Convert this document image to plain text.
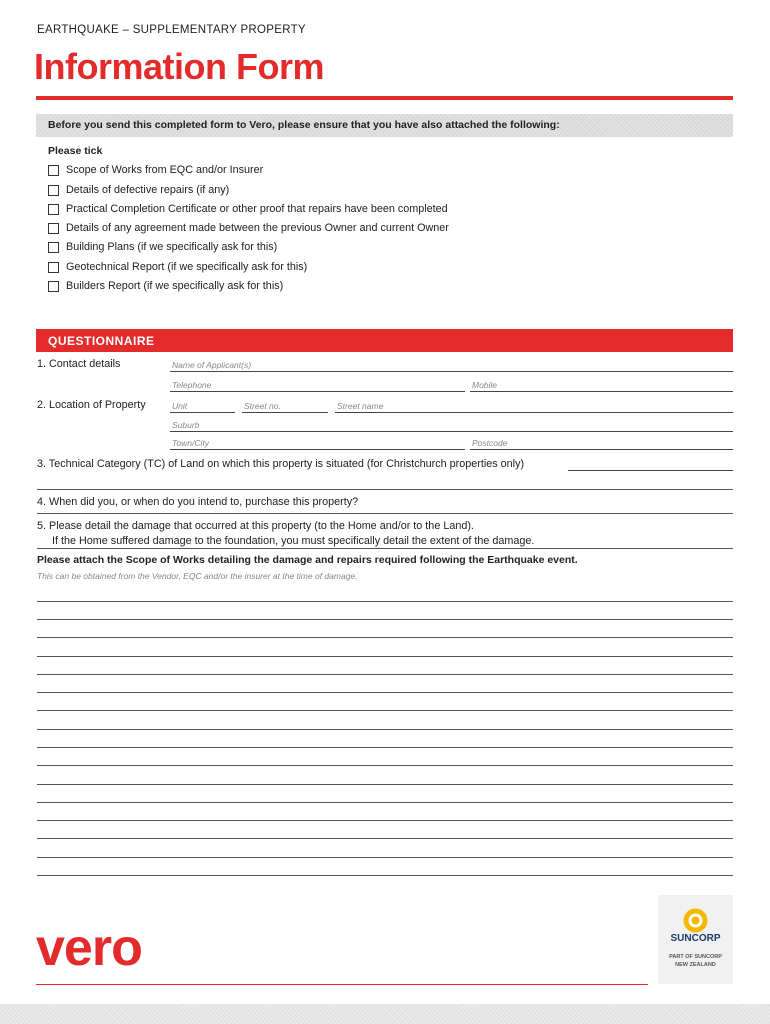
EARTHQUAKE – SUPPLEMENTARY PROPERTY
Information Form
Before you send this completed form to Vero, please ensure that you have also attached the following:
Please tick
Scope of Works from EQC and/or Insurer
Details of defective repairs (if any)
Practical Completion Certificate or other proof that repairs have been completed
Details of any agreement made between the previous Owner and current Owner
Building Plans (if we specifically ask for this)
Geotechnical Report (if we specifically ask for this)
Builders Report (if we specifically ask for this)
QUESTIONNAIRE
1. Contact details	Name of Applicant(s)
Telephone	Mobile
2. Location of Property	Unit	Street no.	Street name
Suburb
Town/City	Postcode
3. Technical Category (TC) of Land on which this property is situated (for Christchurch properties only)
4. When did you, or when do you intend to, purchase this property?
5. Please detail the damage that occurred at this property (to the Home and/or to the Land).
If the Home suffered damage to the foundation, you must specifically detail the extent of the damage.
Please attach the Scope of Works detailing the damage and repairs required following the Earthquake event.
This can be obtained from the Vendor, EQC and/or the insurer at the time of damage.
vero	SUNCORP
PART OF SUNCORP
NEW ZEALAND
